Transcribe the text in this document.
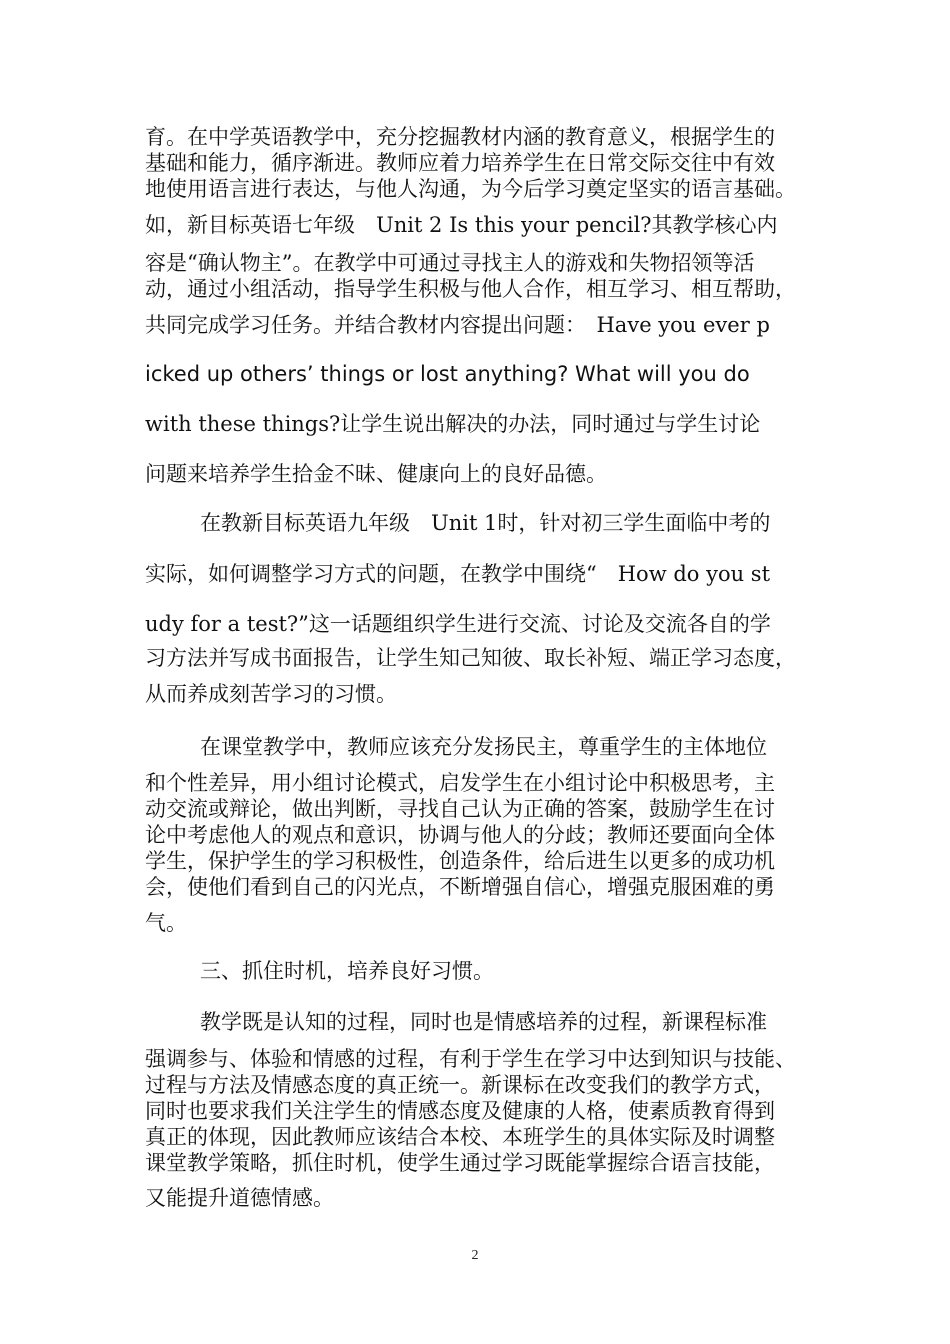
育。在中学英语教学中，充分挖掘教材内涵的教育意义，根据学生的
基础和能力，循序渐进。教师应着力培养学生在日常交际交往中有效
地使用语言进行表达，与他人沟通，为今后学习奠定坚实的语言基础。
如，新目标英语七年级　Unit 2 Is this your pencil?其教学核心内
容是“确认物主”。在教学中可通过寻找主人的游戏和失物招领等活
动，通过小组活动，指导学生积极与他人合作，相互学习、相互帮助，
共同完成学习任务。并结合教材内容提出问题：　Have you ever p
icked up others’ things or lost anything? What will you do
with these things?让学生说出解决的办法，同时通过与学生讨论
问题来培养学生拾金不昧、健康向上的良好品德。
在教新目标英语九年级　Unit 1时，针对初三学生面临中考的
实际，如何调整学习方式的问题，在教学中围绕“　How do you st
udy for a test?”这一话题组织学生进行交流、讨论及交流各自的学
习方法并写成书面报告，让学生知己知彼、取长补短、端正学习态度，
从而养成刻苦学习的习惯。
在课堂教学中，教师应该充分发扬民主，尊重学生的主体地位
和个性差异，用小组讨论模式，启发学生在小组讨论中积极思考，主
动交流或辩论，做出判断，寻找自己认为正确的答案，鼓励学生在讨
论中考虑他人的观点和意识，协调与他人的分歧；教师还要面向全体
学生，保护学生的学习积极性，创造条件，给后进生以更多的成功机
会，使他们看到自己的闪光点，不断增强自信心，增强克服困难的勇
气。
三、抓住时机，培养良好习惯。
教学既是认知的过程，同时也是情感培养的过程，新课程标准
强调参与、体验和情感的过程，有利于学生在学习中达到知识与技能、
过程与方法及情感态度的真正统一。新课标在改变我们的教学方式，
同时也要求我们关注学生的情感态度及健康的人格，使素质教育得到
真正的体现，因此教师应该结合本校、本班学生的具体实际及时调整
课堂教学策略，抓住时机，使学生通过学习既能掌握综合语言技能，
又能提升道德情感。
2
